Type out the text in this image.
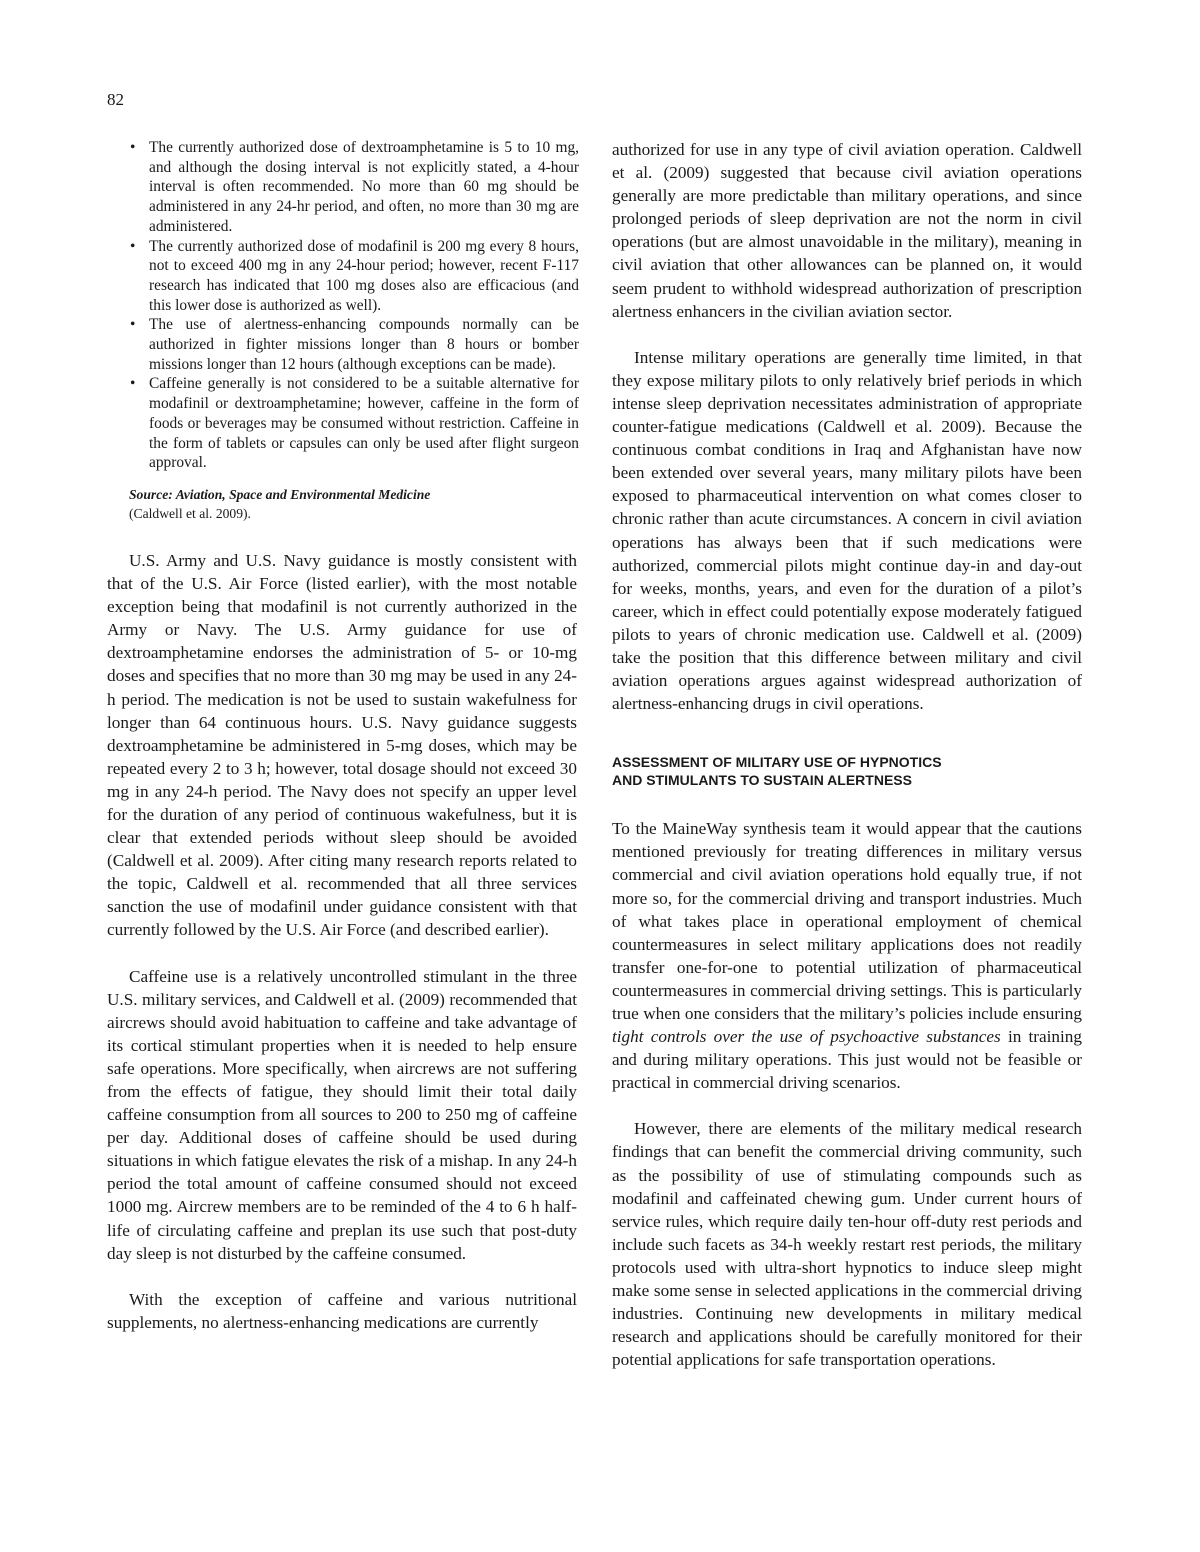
82
• The currently authorized dose of dextroamphetamine is 5 to 10 mg, and although the dosing interval is not explicitly stated, a 4-hour interval is often recommended. No more than 60 mg should be administered in any 24-hr period, and often, no more than 30 mg are administered.
• The currently authorized dose of modafinil is 200 mg every 8 hours, not to exceed 400 mg in any 24-hour period; however, recent F-117 research has indicated that 100 mg doses also are efficacious (and this lower dose is authorized as well).
• The use of alertness-enhancing compounds normally can be authorized in fighter missions longer than 8 hours or bomber missions longer than 12 hours (although exceptions can be made).
• Caffeine generally is not considered to be a suitable alternative for modafinil or dextroamphetamine; however, caffeine in the form of foods or beverages may be consumed without restriction. Caffeine in the form of tablets or capsules can only be used after flight surgeon approval.
Source: Aviation, Space and Environmental Medicine
(Caldwell et al. 2009).

U.S. Army and U.S. Navy guidance is mostly consistent with that of the U.S. Air Force (listed earlier), with the most notable exception being that modafinil is not currently authorized in the Army or Navy. The U.S. Army guidance for use of dextroamphetamine endorses the administration of 5- or 10-mg doses and specifies that no more than 30 mg may be used in any 24-h period. The medication is not be used to sustain wakefulness for longer than 64 continuous hours. U.S. Navy guidance suggests dextroamphetamine be administered in 5-mg doses, which may be repeated every 2 to 3 h; however, total dosage should not exceed 30 mg in any 24-h period. The Navy does not specify an upper level for the duration of any period of continuous wakefulness, but it is clear that extended periods without sleep should be avoided (Caldwell et al. 2009). After citing many research reports related to the topic, Caldwell et al. recommended that all three services sanction the use of modafinil under guidance consistent with that currently followed by the U.S. Air Force (and described earlier).

Caffeine use is a relatively uncontrolled stimulant in the three U.S. military services, and Caldwell et al. (2009) recommended that aircrews should avoid habituation to caffeine and take advantage of its cortical stimulant properties when it is needed to help ensure safe operations. More specifically, when aircrews are not suffering from the effects of fatigue, they should limit their total daily caffeine consumption from all sources to 200 to 250 mg of caffeine per day. Additional doses of caffeine should be used during situations in which fatigue elevates the risk of a mishap. In any 24-h period the total amount of caffeine consumed should not exceed 1000 mg. Aircrew members are to be reminded of the 4 to 6 h half-life of circulating caffeine and preplan its use such that post-duty day sleep is not disturbed by the caffeine consumed.

With the exception of caffeine and various nutritional supplements, no alertness-enhancing medications are currently

authorized for use in any type of civil aviation operation. Caldwell et al. (2009) suggested that because civil aviation operations generally are more predictable than military operations, and since prolonged periods of sleep deprivation are not the norm in civil operations (but are almost unavoidable in the military), meaning in civil aviation that other allowances can be planned on, it would seem prudent to withhold widespread authorization of prescription alertness enhancers in the civilian aviation sector.

Intense military operations are generally time limited, in that they expose military pilots to only relatively brief periods in which intense sleep deprivation necessitates administration of appropriate counter-fatigue medications (Caldwell et al. 2009). Because the continuous combat conditions in Iraq and Afghanistan have now been extended over several years, many military pilots have been exposed to pharmaceutical intervention on what comes closer to chronic rather than acute circumstances. A concern in civil aviation operations has always been that if such medications were authorized, commercial pilots might continue day-in and day-out for weeks, months, years, and even for the duration of a pilot’s career, which in effect could potentially expose moderately fatigued pilots to years of chronic medication use. Caldwell et al. (2009) take the position that this difference between military and civil aviation operations argues against widespread authorization of alertness-enhancing drugs in civil operations.

ASSESSMENT OF MILITARY USE OF HYPNOTICS
AND STIMULANTS TO SUSTAIN ALERTNESS

To the MaineWay synthesis team it would appear that the cautions mentioned previously for treating differences in military versus commercial and civil aviation operations hold equally true, if not more so, for the commercial driving and transport industries. Much of what takes place in operational employment of chemical countermeasures in select military applications does not readily transfer one-for-one to potential utilization of pharmaceutical countermeasures in commercial driving settings. This is particularly true when one considers that the military’s policies include ensuring tight controls over the use of psychoactive substances in training and during military operations. This just would not be feasible or practical in commercial driving scenarios.

However, there are elements of the military medical research findings that can benefit the commercial driving community, such as the possibility of use of stimulating compounds such as modafinil and caffeinated chewing gum. Under current hours of service rules, which require daily ten-hour off-duty rest periods and include such facets as 34-h weekly restart rest periods, the military protocols used with ultra-short hypnotics to induce sleep might make some sense in selected applications in the commercial driving industries. Continuing new developments in military medical research and applications should be carefully monitored for their potential applications for safe transportation operations.
